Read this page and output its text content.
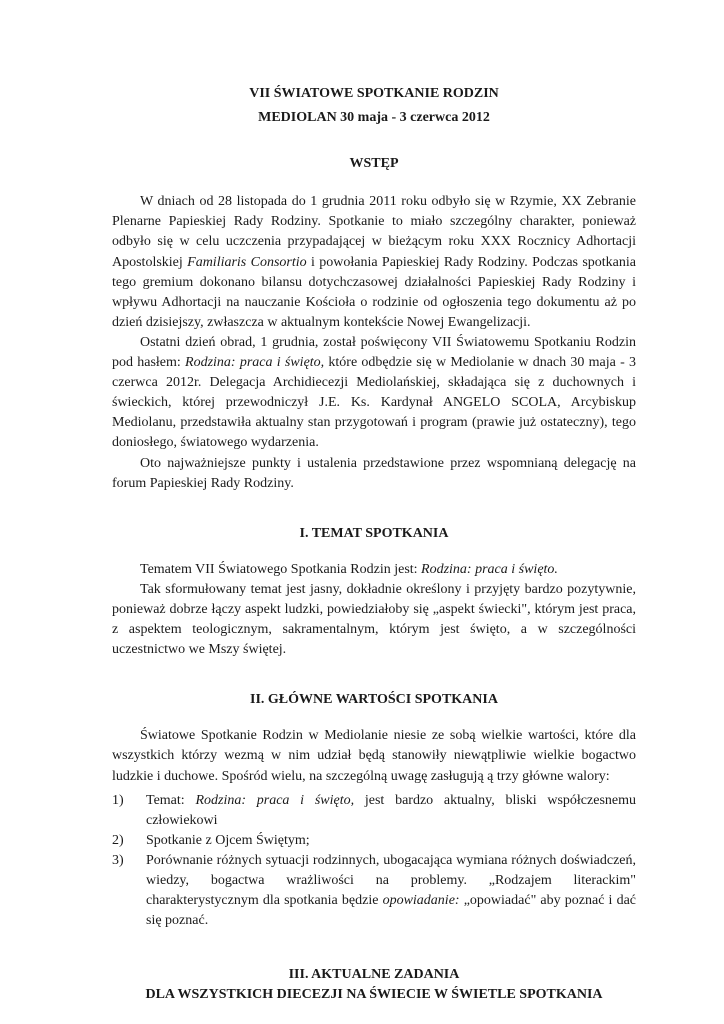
VII ŚWIATOWE SPOTKANIE RODZIN

MEDIOLAN 30 maja - 3 czerwca 2012

WSTĘP

W dniach od 28 listopada do 1 grudnia 2011 roku odbyło się w Rzymie, XX Zebranie Plenarne Papieskiej Rady Rodziny. Spotkanie to miało szczególny charakter, ponieważ odbyło się w celu uczczenia przypadającej w bieżącym roku XXX Rocznicy Adhortacji Apostolskiej Familiaris Consortio i powołania Papieskiej Rady Rodziny. Podczas spotkania tego gremium dokonano bilansu dotychczasowej działalności Papieskiej Rady Rodziny i wpływu Adhortacji na nauczanie Kościoła o rodzinie od ogłoszenia tego dokumentu aż po dzień dzisiejszy, zwłaszcza w aktualnym kontekście Nowej Ewangelizacji.

Ostatni dzień obrad, 1 grudnia, został poświęcony VII Światowemu Spotkaniu Rodzin pod hasłem: Rodzina: praca i święto, które odbędzie się w Mediolanie w dnach 30 maja - 3 czerwca 2012r. Delegacja Archidiecezji Mediolańskiej, składająca się z duchownych i świeckich, której przewodniczył J.E. Ks. Kardynał ANGELO SCOLA, Arcybiskup Mediolanu, przedstawiła aktualny stan przygotowań i program (prawie już ostateczny), tego doniosłego, światowego wydarzenia.

Oto najważniejsze punkty i ustalenia przedstawione przez wspomnianą delegację na forum Papieskiej Rady Rodziny.

I. TEMAT SPOTKANIA

Tematem VII Światowego Spotkania Rodzin jest: Rodzina: praca i święto.

Tak sformułowany temat jest jasny, dokładnie określony i przyjęty bardzo pozytywnie, ponieważ dobrze łączy aspekt ludzki, powiedziałoby się „aspekt świecki", którym jest praca, z aspektem teologicznym, sakramentalnym, którym jest święto, a w szczególności uczestnictwo we Mszy świętej.

II. GŁÓWNE WARTOŚCI SPOTKANIA

Światowe Spotkanie Rodzin w Mediolanie niesie ze sobą wielkie wartości, które dla wszystkich którzy wezmą w nim udział będą stanowiły niewątpliwie wielkie bogactwo ludzkie i duchowe. Spośród wielu, na szczególną uwagę zasługują ą trzy główne walory:

1)	Temat: Rodzina: praca i święto, jest bardzo aktualny, bliski współczesnemu człowiekowi
2)	Spotkanie z Ojcem Świętym;
3)	Porównanie różnych sytuacji rodzinnych, ubogacająca wymiana różnych doświadczeń, wiedzy, bogactwa wrażliwości na problemy. „Rodzajem literackim" charakterystycznym dla spotkania będzie opowiadanie: „opowiadać" aby poznać i dać się poznać.
III. AKTUALNE ZADANIA
DLA WSZYSTKICH DIECEZJI NA ŚWIECIE W ŚWIETLE SPOTKANIA
